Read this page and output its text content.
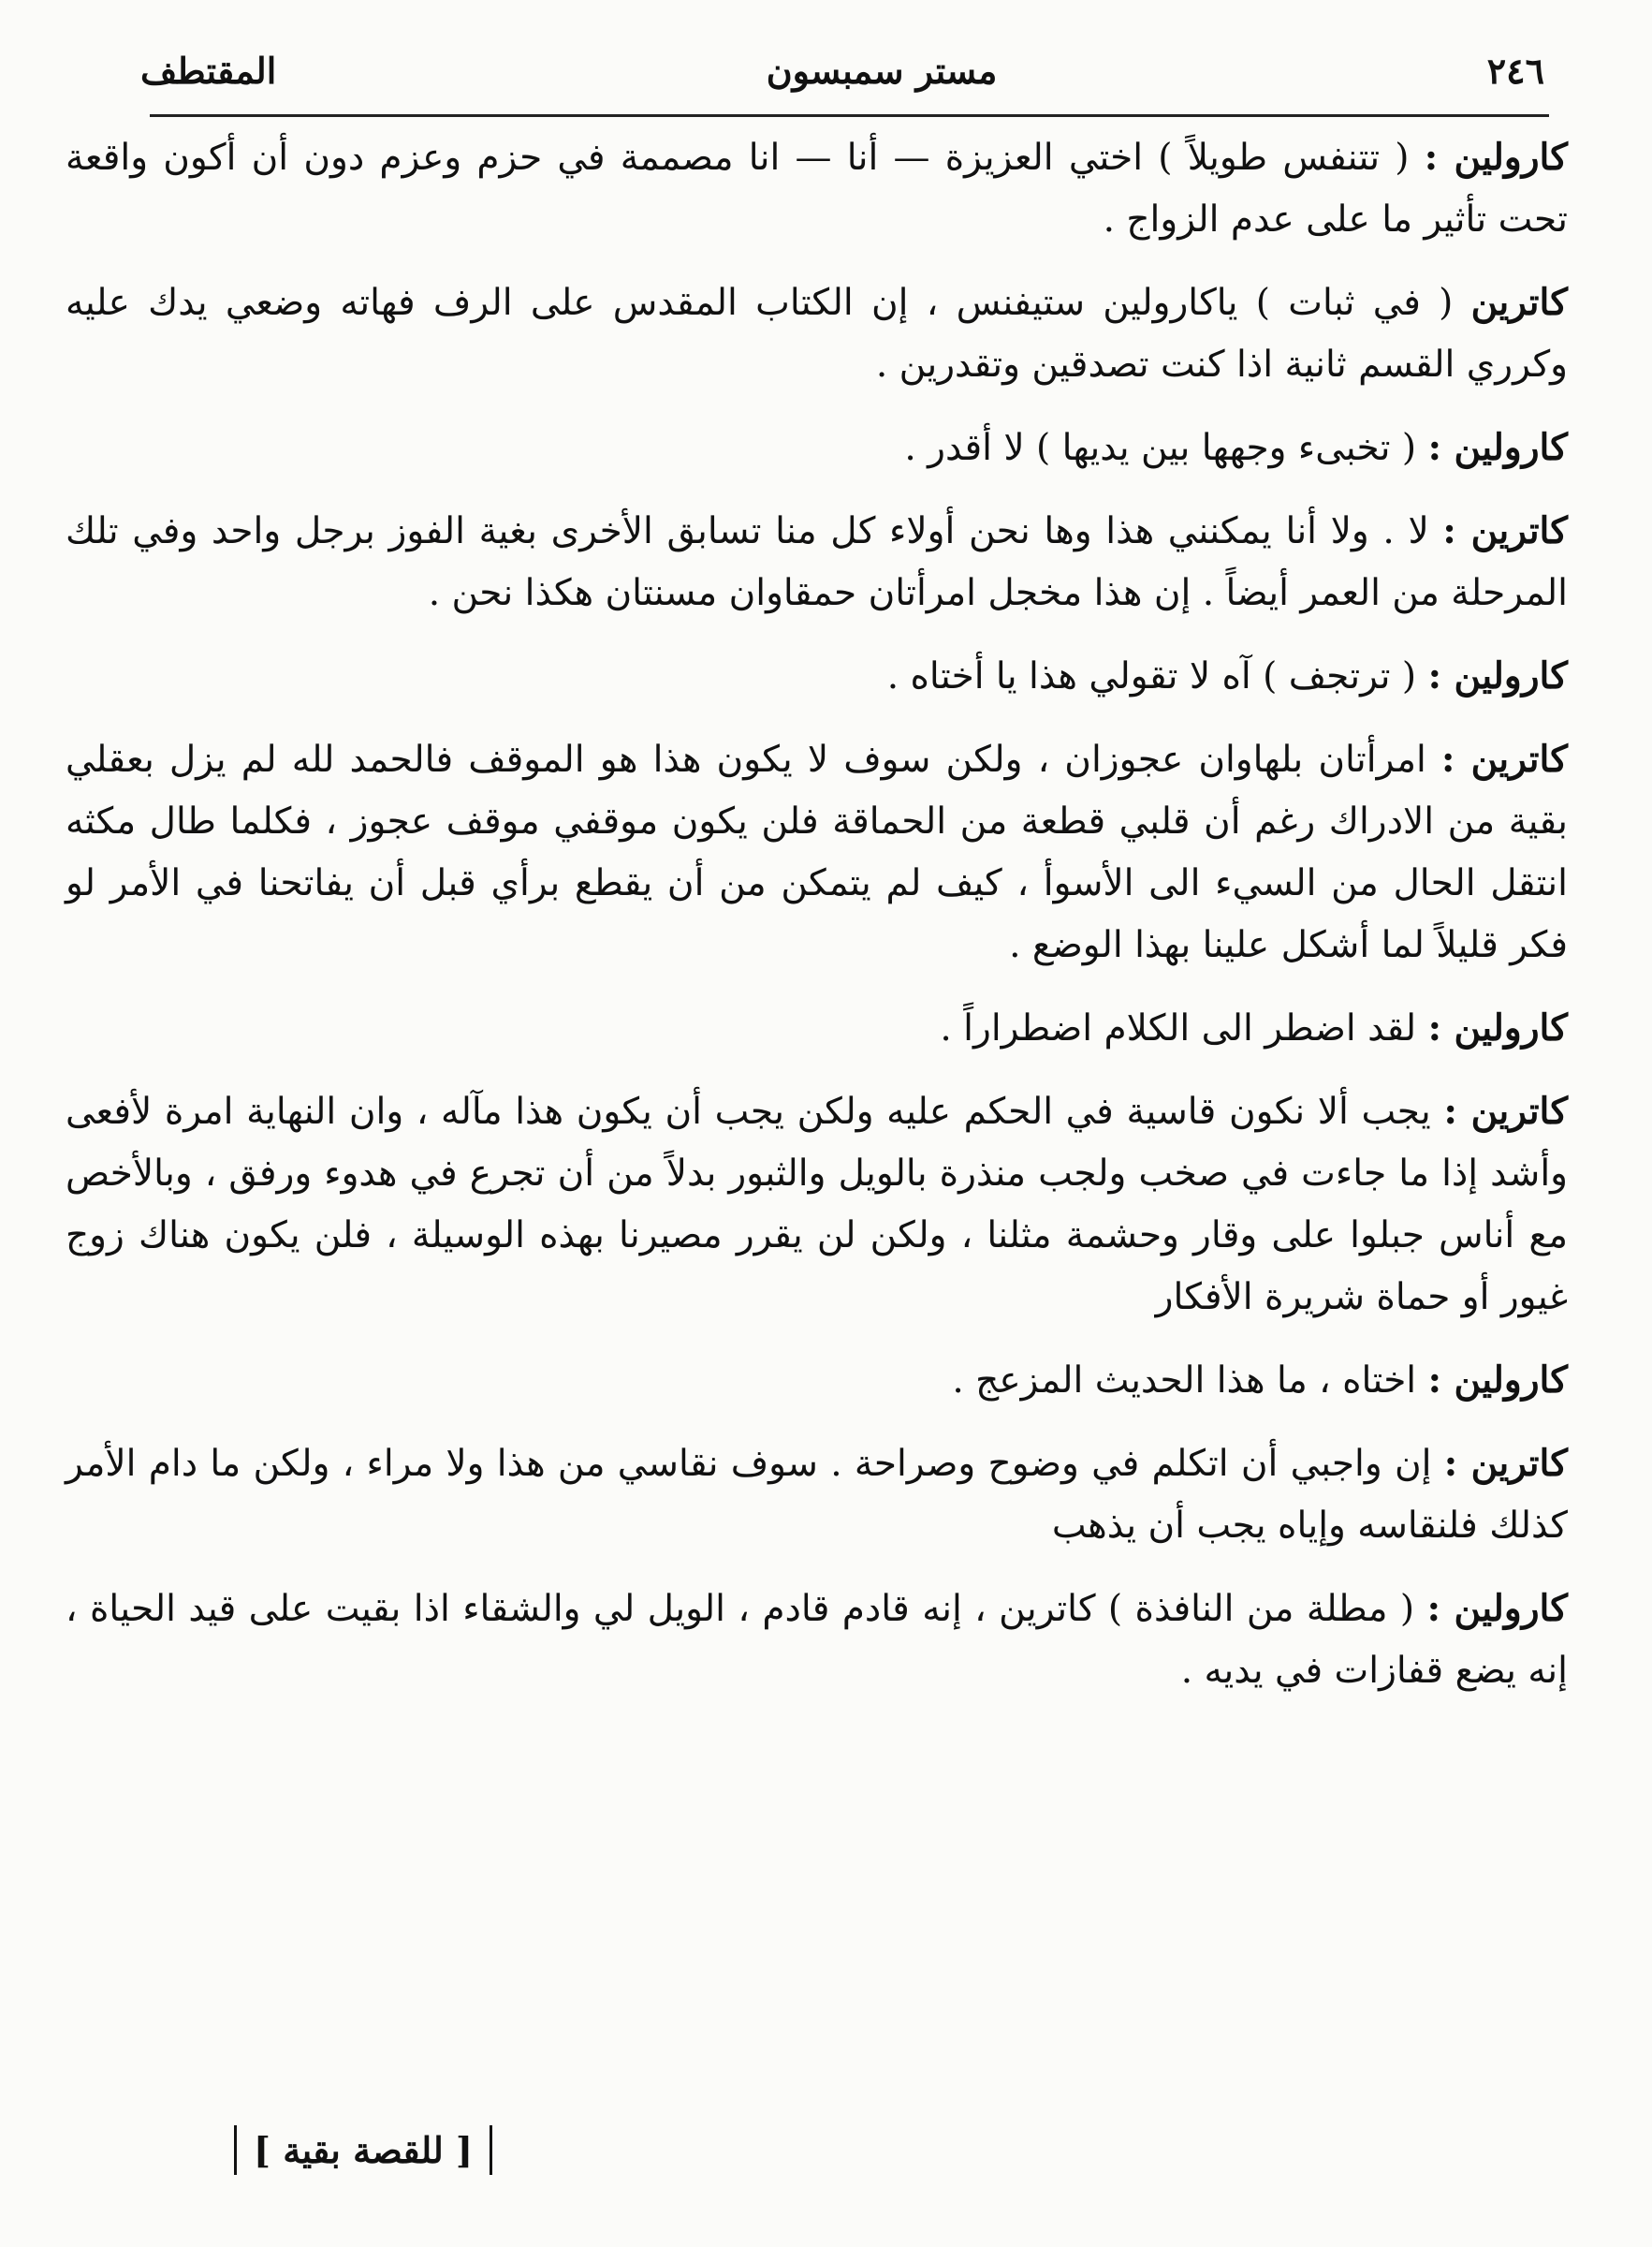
٢٤٦
مستر سمبسون
المقتطف

كارولين : ( تتنفس طويلاً ) اختي العزيزة — أنا — انا مصممة في حزم وعزم دون أن أكون واقعة تحت تأثير ما على عدم الزواج .

كاترين ( في ثبات ) ياكارولين ستيفنس ، إن الكتاب المقدس على الرف فهاته وضعي يدك عليه وكرري القسم ثانية اذا كنت تصدقين وتقدرين .

كارولين : ( تخبىء وجهها بين يديها ) لا أقدر .

كاترين : لا . ولا أنا يمكنني هذا وها نحن أولاء كل منا تسابق الأخرى بغية الفوز برجل واحد وفي تلك المرحلة من العمر أيضاً . إن هذا مخجل امرأتان حمقاوان مسنتان هكذا نحن .

كارولين : ( ترتجف ) آه لا تقولي هذا يا أختاه .

كاترين : امرأتان بلهاوان عجوزان ، ولكن سوف لا يكون هذا هو الموقف فالحمد لله لم يزل بعقلي بقية من الادراك رغم أن قلبي قطعة من الحماقة فلن يكون موقفي موقف عجوز ، فكلما طال مكثه انتقل الحال من السيء الى الأسوأ ، كيف لم يتمكن من أن يقطع برأي قبل أن يفاتحنا في الأمر لو فكر قليلاً لما أشكل علينا بهذا الوضع .

كارولين : لقد اضطر الى الكلام اضطراراً .

كاترين : يجب ألا نكون قاسية في الحكم عليه ولكن يجب أن يكون هذا مآله ، وان النهاية امرة لأفعى وأشد إذا ما جاءت في صخب ولجب منذرة بالويل والثبور بدلاً من أن تجرع في هدوء ورفق ، وبالأخص مع أناس جبلوا على وقار وحشمة مثلنا ، ولكن لن يقرر مصيرنا بهذه الوسيلة ، فلن يكون هناك زوج غيور أو حماة شريرة الأفكار

كارولين : اختاه ، ما هذا الحديث المزعج .

كاترين : إن واجبي أن اتكلم في وضوح وصراحة . سوف نقاسي من هذا ولا مراء ، ولكن ما دام الأمر كذلك فلنقاسه وإياه يجب أن يذهب

كارولين : ( مطلة من النافذة ) كاترين ، إنه قادم قادم ، الويل لي والشقاء اذا بقيت على قيد الحياة ، إنه يضع قفازات في يديه .

[ للقصة بقية ]
